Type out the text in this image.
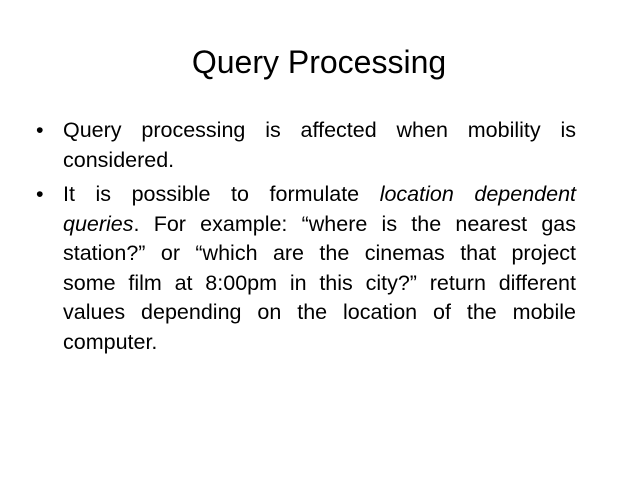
Query Processing
• Query processing is affected when mobility is considered.
• It is possible to formulate location dependent queries. For example: “where is the nearest gas station?” or “which are the cinemas that project some film at 8:00pm in this city?” return different values depending on the location of the mobile computer.
